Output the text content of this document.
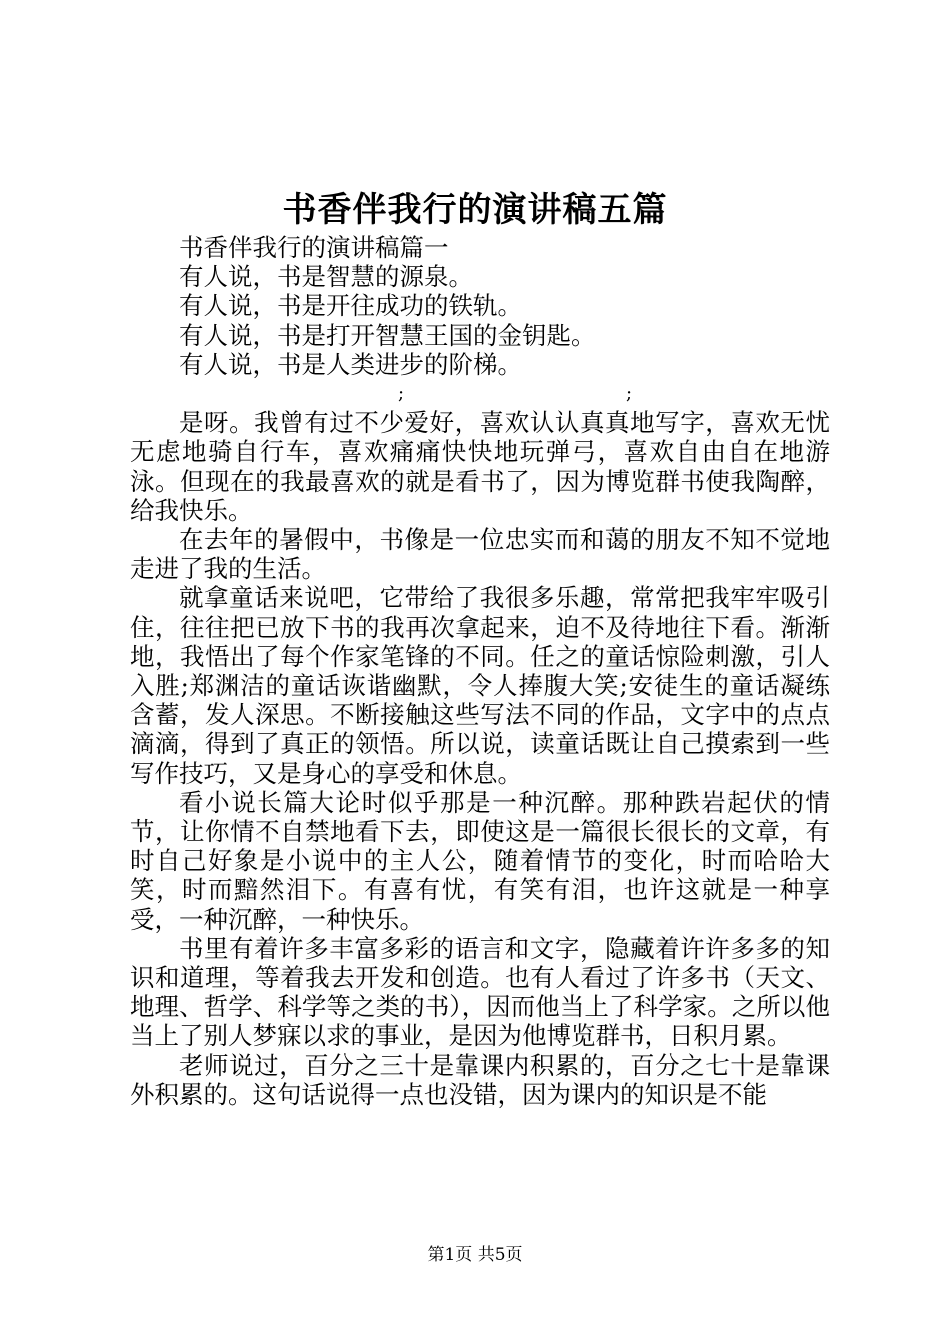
书香伴我行的演讲稿五篇

书香伴我行的演讲稿篇一

有人说，书是智慧的源泉。

有人说，书是开往成功的铁轨。

有人说，书是打开智慧王国的金钥匙。

有人说，书是人类进步的阶梯。

;	;

是呀。我曾有过不少爱好，喜欢认认真真地写字，喜欢无忧无虑地骑自行车，喜欢痛痛快快地玩弹弓，喜欢自由自在地游泳。但现在的我最喜欢的就是看书了，因为博览群书使我陶醉，给我快乐。

在去年的暑假中，书像是一位忠实而和蔼的朋友不知不觉地走进了我的生活。

就拿童话来说吧，它带给了我很多乐趣，常常把我牢牢吸引住，往往把已放下书的我再次拿起来，迫不及待地往下看。渐渐地，我悟出了每个作家笔锋的不同。任之的童话惊险刺激，引人入胜;郑渊洁的童话诙谐幽默，令人捧腹大笑;安徒生的童话凝练含蓄，发人深思。不断接触这些写法不同的作品，文字中的点点滴滴，得到了真正的领悟。所以说，读童话既让自己摸索到一些写作技巧，又是身心的享受和休息。

看小说长篇大论时似乎那是一种沉醉。那种跌岩起伏的情节，让你情不自禁地看下去，即使这是一篇很长很长的文章，有时自己好象是小说中的主人公，随着情节的变化，时而哈哈大笑，时而黯然泪下。有喜有忧，有笑有泪，也许这就是一种享受，一种沉醉，一种快乐。

书里有着许多丰富多彩的语言和文字，隐藏着许许多多的知识和道理，等着我去开发和创造。也有人看过了许多书（天文、地理、哲学、科学等之类的书），因而他当上了科学家。之所以他当上了别人梦寐以求的事业，是因为他博览群书，日积月累。

老师说过，百分之三十是靠课内积累的，百分之七十是靠课外积累的。这句话说得一点也没错，因为课内的知识是不能

第1页 共5页
